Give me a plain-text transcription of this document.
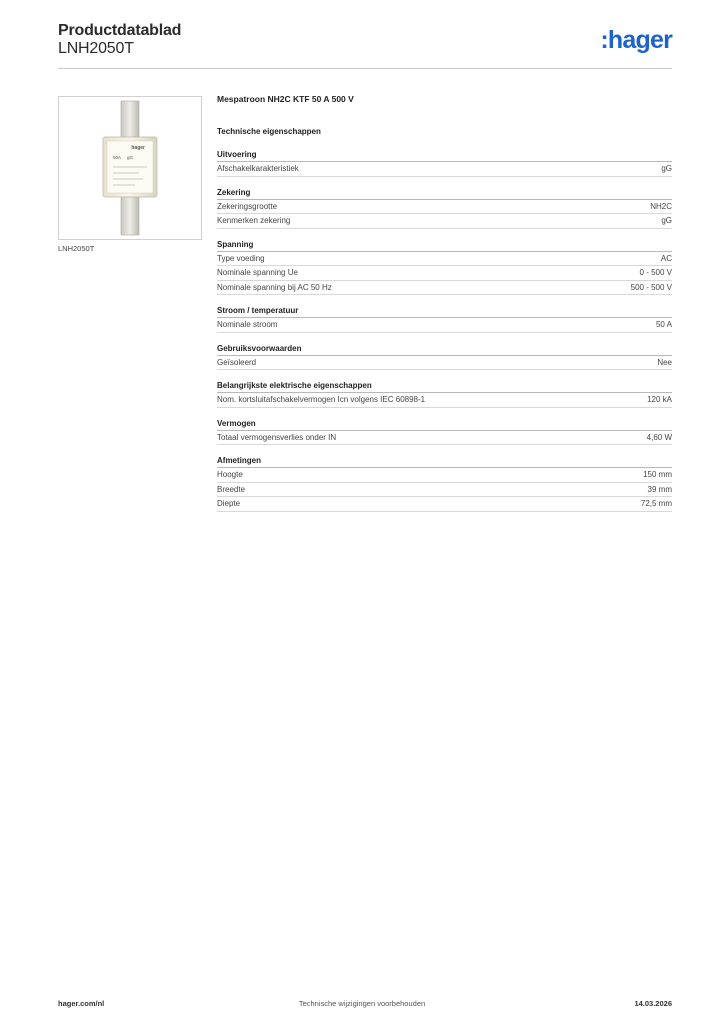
Productdatablad
LNH2050T	:hager
hager
50A gG
LNH2050T
Mespatroon NH2C KTF 50 A 500 V
Technische eigenschappen
Uitvoering
Afschakelkarakteristiek	gG
Zekering
Zekeringsgrootte	NH2C
Kenmerken zekering	gG
Spanning
Type voeding	AC
Nominale spanning Ue	0 - 500 V
Nominale spanning bij AC 50 Hz	500 - 500 V
Stroom / temperatuur
Nominale stroom	50 A
Gebruiksvoorwaarden
Geïsoleerd	Nee
Belangrijkste elektrische eigenschappen
Nom. kortsluitafschakelvermogen Icn volgens IEC 60898-1	120 kA
Vermogen
Totaal vermogensverlies onder IN	4,60 W
Afmetingen
Hoogte	150 mm
Breedte	39 mm
Diepte	72,5 mm
hager.com/nl	Technische wijzigingen voorbehouden	14.03.2026
